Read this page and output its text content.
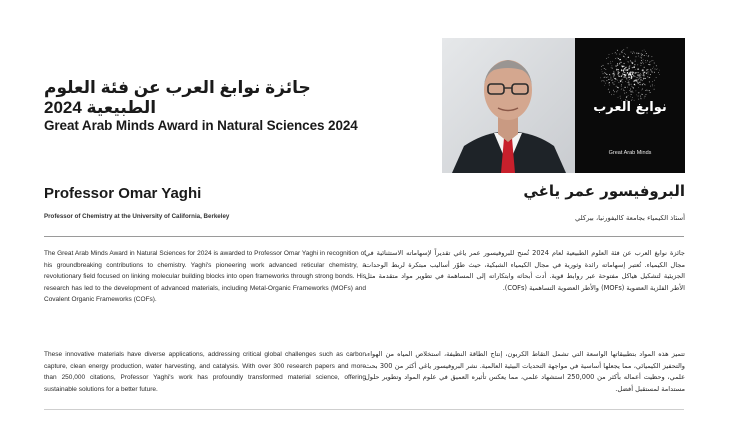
جائزة نوابغ العرب عن فئة العلوم الطبيعية 2024
Great Arab Minds Award in Natural Sciences 2024
نوابغ العرب
Great Arab Minds
Professor Omar Yaghi
Professor of Chemistry at the University of California, Berkeley
البروفيسور عمر ياغي
أستاذ الكيمياء بجامعة كاليفورنيا، بيركلي
The Great Arab Minds Award in Natural Sciences for 2024 is awarded to Professor Omar Yaghi in recognition of his groundbreaking contributions to chemistry. Yaghi's pioneering work advanced reticular chemistry, a revolutionary field focused on linking molecular building blocks into open frameworks through strong bonds. His research has led to the development of advanced materials, including Metal-Organic Frameworks (MOFs) and Covalent Organic Frameworks (COFs).
These innovative materials have diverse applications, addressing critical global challenges such as carbon capture, clean energy production, water harvesting, and catalysis. With over 300 research papers and more than 250,000 citations, Professor Yaghi's work has profoundly transformed material science, offering sustainable solutions for a better future.
جائزة نوابغ العرب عن فئة العلوم الطبيعية لعام 2024 تُمنح للبروفيسور عمر ياغي تقديراً لإسهاماته الاستثنائية في مجال الكيمياء. تُعتبر إسهاماته رائدة وثورية في مجال الكيمياء الشبكية، حيث طوّر أساليب مبتكرة لربط الوحدات الجزيئية لتشكيل هياكل مفتوحة عبر روابط قوية. أدت أبحاثه وابتكاراته إلى المساهمة في تطوير مواد متقدمة مثل الأطر الفلزية العضوية (MOFs) والأطر العضوية التساهمية (COFs).
تتميز هذه المواد بتطبيقاتها الواسعة التي تشمل التقاط الكربون، إنتاج الطاقة النظيفة، استخلاص المياه من الهواء، والتحفيز الكيميائي، مما يجعلها أساسية في مواجهة التحديات البيئية العالمية. نشر البروفيسور ياغي أكثر من 300 بحث علمي، وحظيت أعماله بأكثر من 250,000 استشهاد علمي، مما يعكس تأثيره العميق في علوم المواد وتطوير حلول مستدامة لمستقبل أفضل.
